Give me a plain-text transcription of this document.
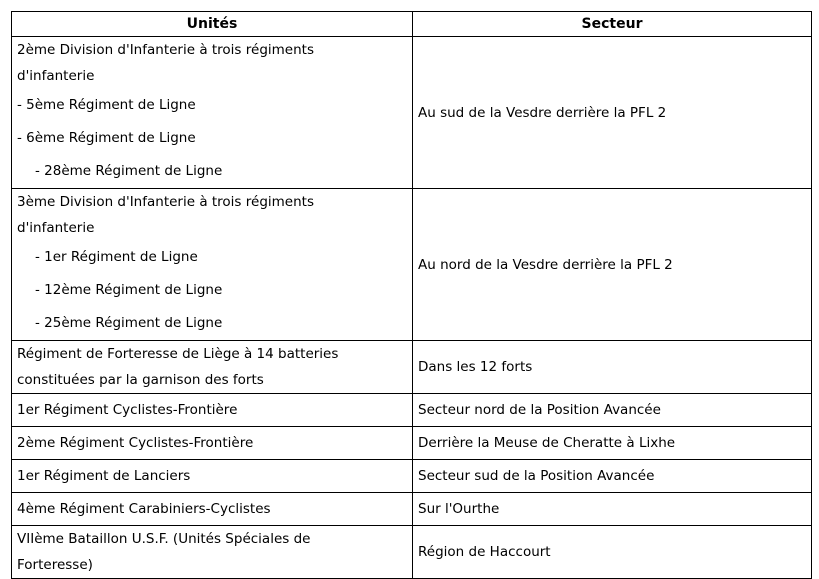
Unités	Secteur

2ème Division d'Infanterie à trois régiments
d'infanterie
- 5ème Régiment de Ligne
- 6ème Régiment de Ligne
- 28ème Régiment de Ligne	Au sud de la Vesdre derrière la PFL 2

3ème Division d'Infanterie à trois régiments
d'infanterie
- 1er Régiment de Ligne
- 12ème Régiment de Ligne
- 25ème Régiment de Ligne	Au nord de la Vesdre derrière la PFL 2

Régiment de Forteresse de Liège à 14 batteries
constituées par la garnison des forts	Dans les 12 forts
1er Régiment Cyclistes-Frontière	Secteur nord de la Position Avancée
2ème Régiment Cyclistes-Frontière	Derrière la Meuse de Cheratte à Lixhe
1er Régiment de Lanciers	Secteur sud de la Position Avancée
4ème Régiment Carabiniers-Cyclistes	Sur l'Ourthe

VIIème Bataillon U.S.F. (Unités Spéciales de
Forteresse)	Région de Haccourt
